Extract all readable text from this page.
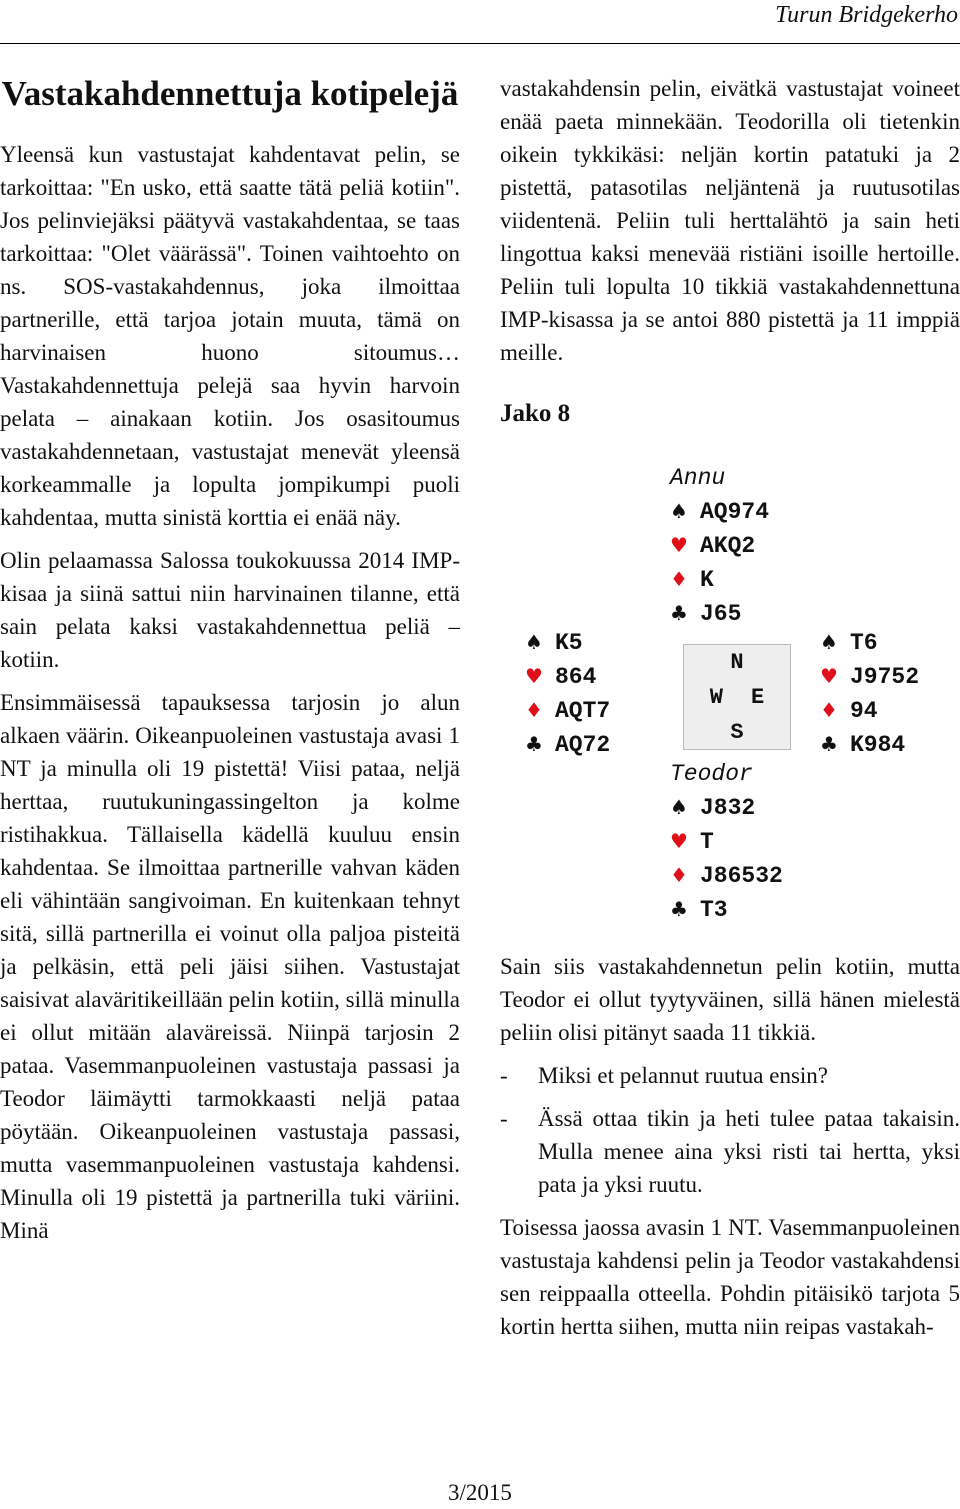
Turun Bridgekerho
Vastakahdennettuja kotipelejä

Yleensä kun vastustajat kahdentavat pelin, se tarkoittaa: "En usko, että saatte tätä peliä kotiin". Jos pelinviejäksi päätyvä vastakahdentaa, se taas tarkoittaa: "Olet väärässä". Toinen vaihtoehto on ns. SOS-vastakahdennus, joka ilmoittaa partnerille, että tarjoa jotain muuta, tämä on harvinaisen huono sitoumus… Vastakahdennettuja pelejä saa hyvin harvoin pelata – ainakaan kotiin. Jos osasitoumus vastakahdennetaan, vastustajat menevät yleensä korkeammalle ja lopulta jompikumpi puoli kahdentaa, mutta sinistä korttia ei enää näy.

Olin pelaamassa Salossa toukokuussa 2014 IMP-kisaa ja siinä sattui niin harvinainen tilanne, että sain pelata kaksi vastakahdennettua peliä – kotiin.

Ensimmäisessä tapauksessa tarjosin jo alun alkaen väärin. Oikeanpuoleinen vastustaja avasi 1 NT ja minulla oli 19 pistettä! Viisi pataa, neljä herttaa, ruutukuningassingelton ja kolme ristihakkua. Tällaisella kädellä kuuluu ensin kahdentaa. Se ilmoittaa partnerille vahvan käden eli vähintään sangivoiman. En kuitenkaan tehnyt sitä, sillä partnerilla ei voinut olla paljoa pisteitä ja pelkäsin, että peli jäisi siihen. Vastustajat saisivat alaväritikeillään pelin kotiin, sillä minulla ei ollut mitään alaväreissä. Niinpä tarjosin 2 pataa. Vasemmanpuoleinen vastustaja passasi ja Teodor läimäytti tarmokkaasti neljä pataa pöytään. Oikeanpuoleinen vastustaja passasi, mutta vasemmanpuoleinen vastustaja kahdensi. Minulla oli 19 pistettä ja partnerilla tuki väriini. Minä

vastakahdensin pelin, eivätkä vastustajat voineet enää paeta minnekään. Teodorilla oli tietenkin oikein tykkikäsi: neljän kortin patatuki ja 2 pistettä, patasotilas neljäntenä ja ruutusotilas viidentenä. Peliin tuli herttalähtö ja sain heti lingottua kaksi menevää ristiäni isoille hertoille. Peliin tuli lopulta 10 tikkiä vastakahdennettuna IMP-kisassa ja se antoi 880 pistettä ja 11 imppiä meille.

Jako 8

Sain siis vastakahdennetun pelin kotiin, mutta Teodor ei ollut tyytyväinen, sillä hänen mielestä peliin olisi pitänyt saada 11 tikkiä.

-	Miksi et pelannut ruutua ensin?
-	Ässä ottaa tikin ja heti tulee pataa takaisin. Mulla menee aina yksi risti tai hertta, yksi pata ja yksi ruutu.

Toisessa jaossa avasin 1 NT. Vasemmanpuoleinen vastustaja kahdensi pelin ja Teodor vastakahdensi sen reippaalla otteella. Pohdin pitäisikö tarjota 5 kortin hertta siihen, mutta niin reipas vastakah-

Annu
♠ AQ974
♥ AKQ2
♦ K
♣ J65
♠ K5
♥ 864
♦ AQT7
♣ AQ72
N
W E
S
♠ T6
♥ J9752
♦ 94
♣ K984
Teodor
♠ J832
♥ T
♦ J86532
♣ T3
3/2015
